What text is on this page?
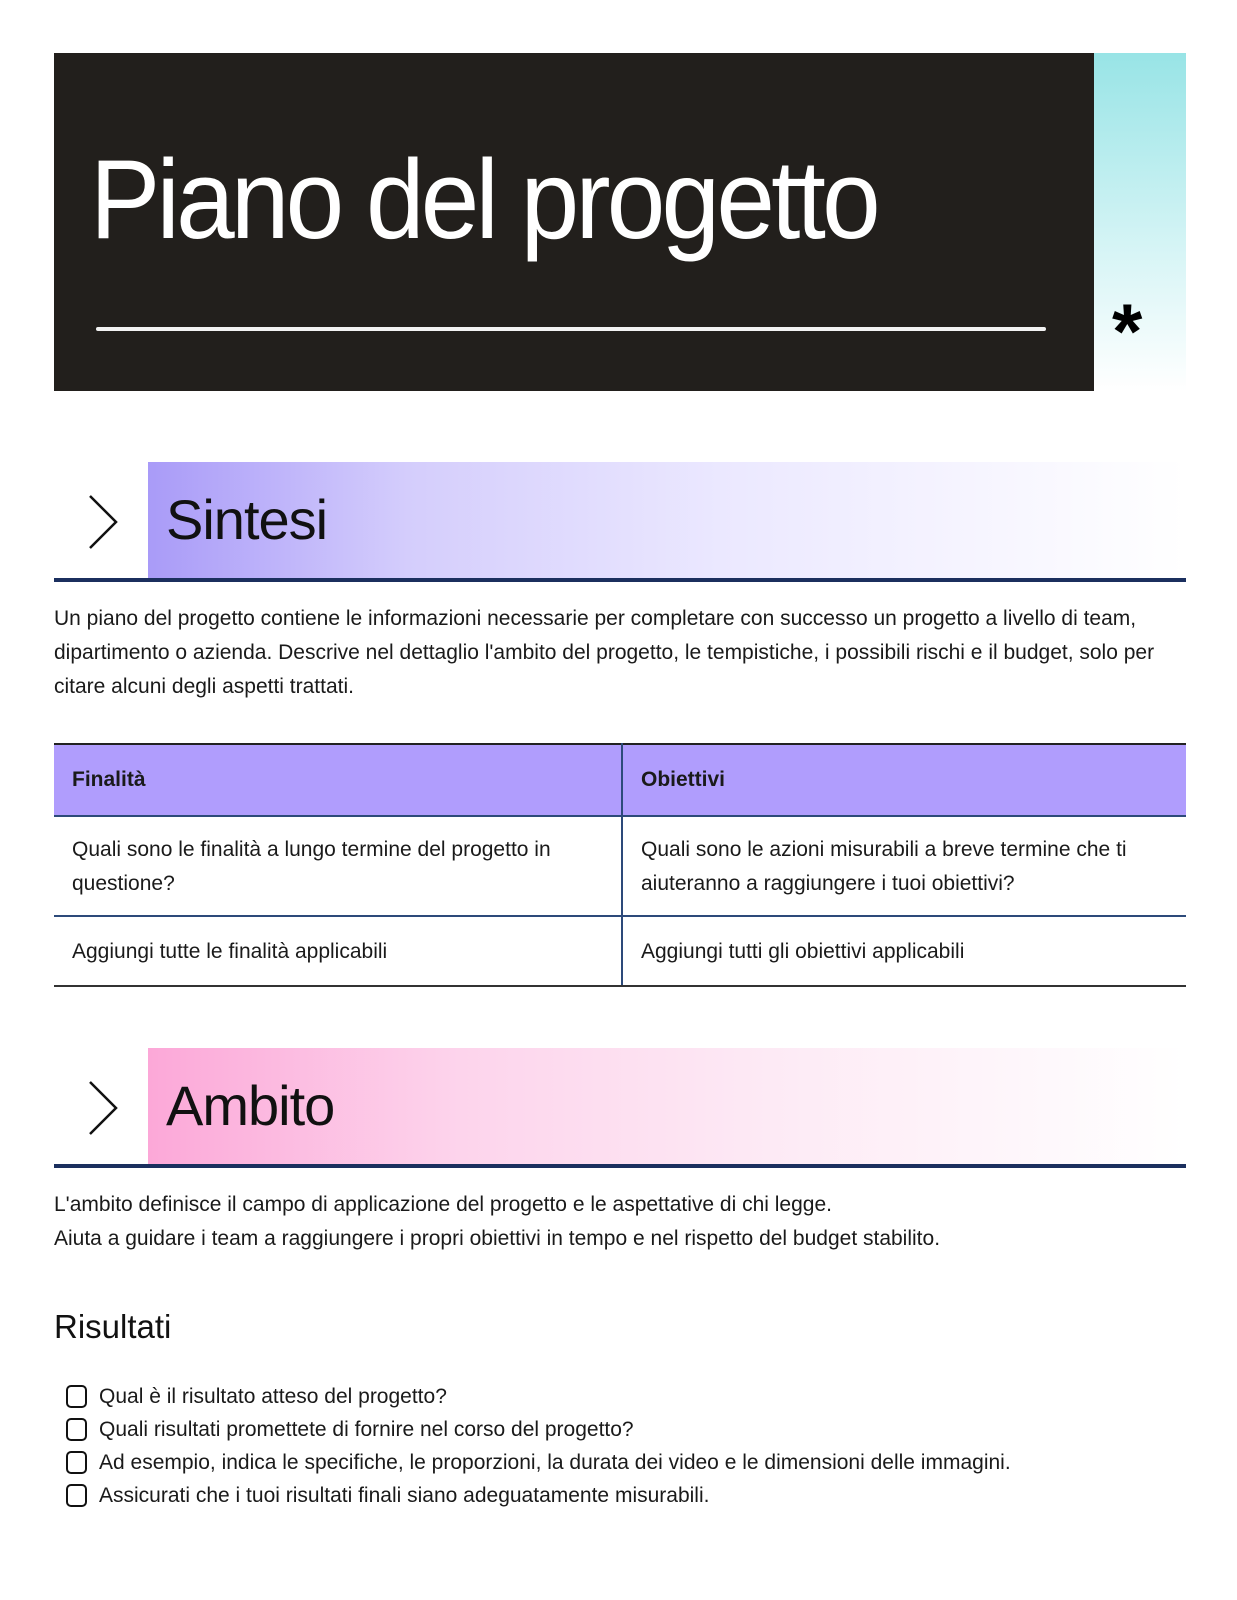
Piano del progetto
*
Sintesi
Un piano del progetto contiene le informazioni necessarie per completare con successo un progetto a livello di team, dipartimento o azienda. Descrive nel dettaglio l'ambito del progetto, le tempistiche, i possibili rischi e il budget, solo per citare alcuni degli aspetti trattati.
Finalità	Obiettivi
Quali sono le finalità a lungo termine del progetto in questione?	Quali sono le azioni misurabili a breve termine che ti aiuteranno a raggiungere i tuoi obiettivi?
Aggiungi tutte le finalità applicabili	Aggiungi tutti gli obiettivi applicabili
Ambito
L'ambito definisce il campo di applicazione del progetto e le aspettative di chi legge.
Aiuta a guidare i team a raggiungere i propri obiettivi in tempo e nel rispetto del budget stabilito.
Risultati
Qual è il risultato atteso del progetto?
Quali risultati promettete di fornire nel corso del progetto?
Ad esempio, indica le specifiche, le proporzioni, la durata dei video e le dimensioni delle immagini.
Assicurati che i tuoi risultati finali siano adeguatamente misurabili.
